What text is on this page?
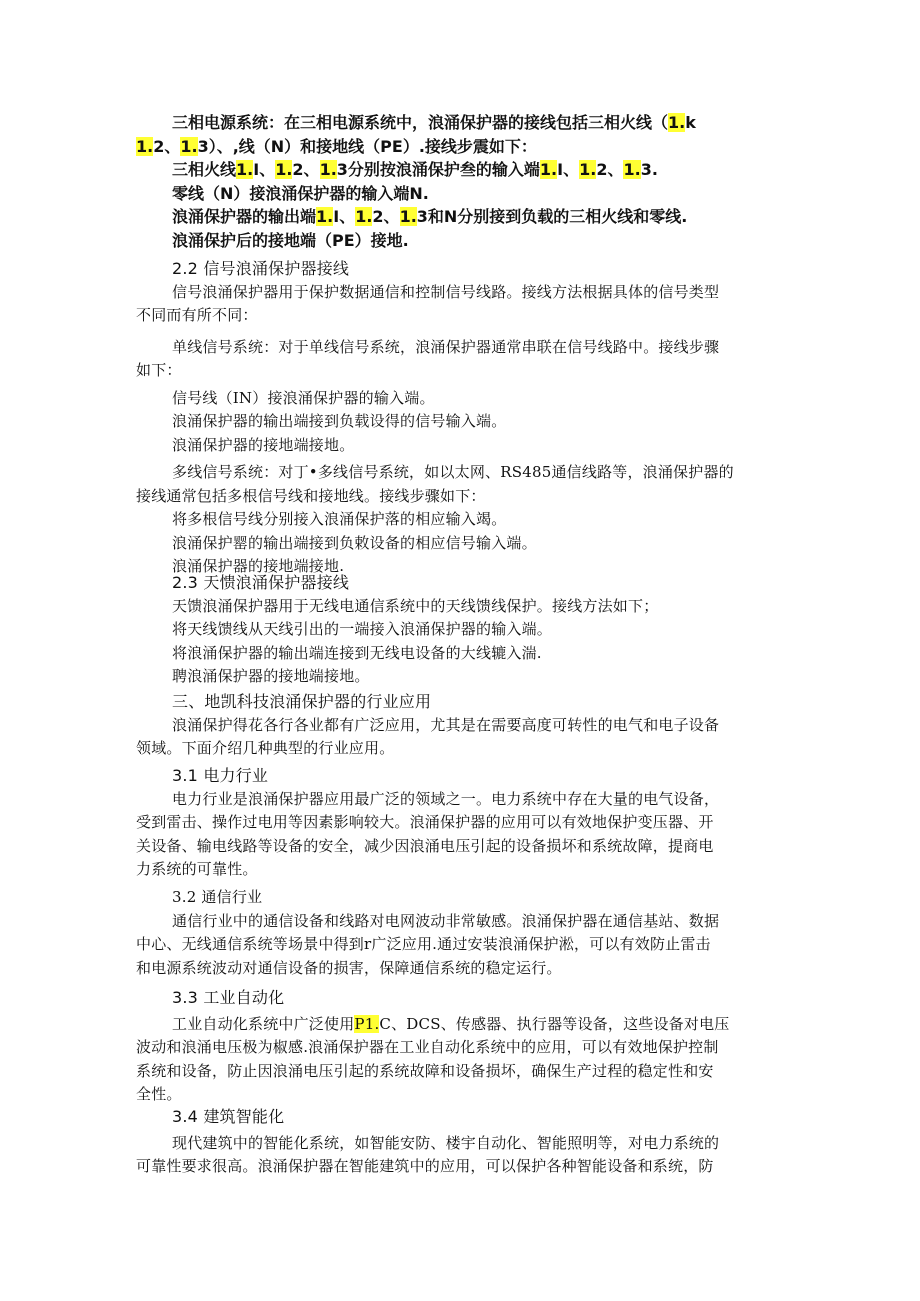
三相电源系统：在三相电源系统中，浪涌保护器的接线包括三相火线（1.k
1.2、1.3）、,线（N）和接地线（PE）.接线步震如下：
三相火线1.I、1.2、1.3分别按浪涌保护叁的输入端1.I、1.2、1.3.
零线（N）接浪涌保护器的输入端N.
浪涌保护器的输出端1.I、1.2、1.3和N分别接到负载的三相火线和零线.
浪涌保护后的接地端（PE）接地.
2.2 信号浪涌保护器接线
信号浪涌保护器用于保护数据通信和控制信号线路。接线方法根据具体的信号类型
不同而有所不同：
单线信号系统：对于单线信号系统，浪涌保护器通常串联在信号线路中。接线步骤
如下：
信号线（IN）接浪涌保护器的输入端。
浪涌保护器的输出端接到负载设得的信号输入端。
浪涌保护器的接地端接地。
多线信号系统：对丁•多线信号系统，如以太网、RS485通信线路等，浪涌保护器的
接线通常包括多根信号线和接地线。接线步骤如下：
将多根信号线分别接入浪涌保护落的相应输入竭。
浪涌保护罂的输出端接到负敕设备的相应信号输入端。
浪涌保护器的接地端接地.
2.3 天愦浪涌保护器接线
天馈浪涌保护器用于无线电通信系统中的天线馈线保护。接线方法如下；
将天线馈线从天线引出的一端接入浪涌保护器的输入端。
将浪涌保护器的输出端连接到无线电设备的大线辘入湍.
聘浪涌保护器的接地端接地。
三、地凯科技浪涌保护器的行业应用
浪涌保护得花各行各业都有广泛应用，尤其是在需要高度可转性的电气和电子设备
领域。下面介绍几种典型的行业应用。
3.1 电力行业
电力行业是浪涌保护器应用最广泛的领域之一。电力系统中存在大量的电气设备，
受到雷击、操作过电用等因素影响较大。浪涌保护器的应用可以有效地保护变压器、开
关设备、输电线路等设备的安全，减少因浪涌电压引起的设备损坏和系统故障，提商电
力系统的可靠性。
3.2 通信行业
通信行业中的通信设备和线路对电网波动非常敏感。浪涌保护器在通信基站、数据
中心、无线通信系统等场景中得到r广泛应用.通过安装浪涌保护淞，可以有效防止雷击
和电源系统波动对通信设备的损害，保障通信系统的稳定运行。
3.3 工业自动化
工业自动化系统中广泛使用P1.C、DCS、传感器、执行器等设备，这些设备对电压
波动和浪涌电压极为椒感.浪涌保护器在工业自动化系统中的应用，可以有效地保护控制
系统和设备，防止因浪涌电压引起的系统故障和设备损坏，确保生产过程的稳定性和安
全性。
3.4 建筑智能化
现代建筑中的智能化系统，如智能安防、楼宇自动化、智能照明等，对电力系统的
可靠性要求很高。浪涌保护器在智能建筑中的应用，可以保护各种智能设备和系统，防
